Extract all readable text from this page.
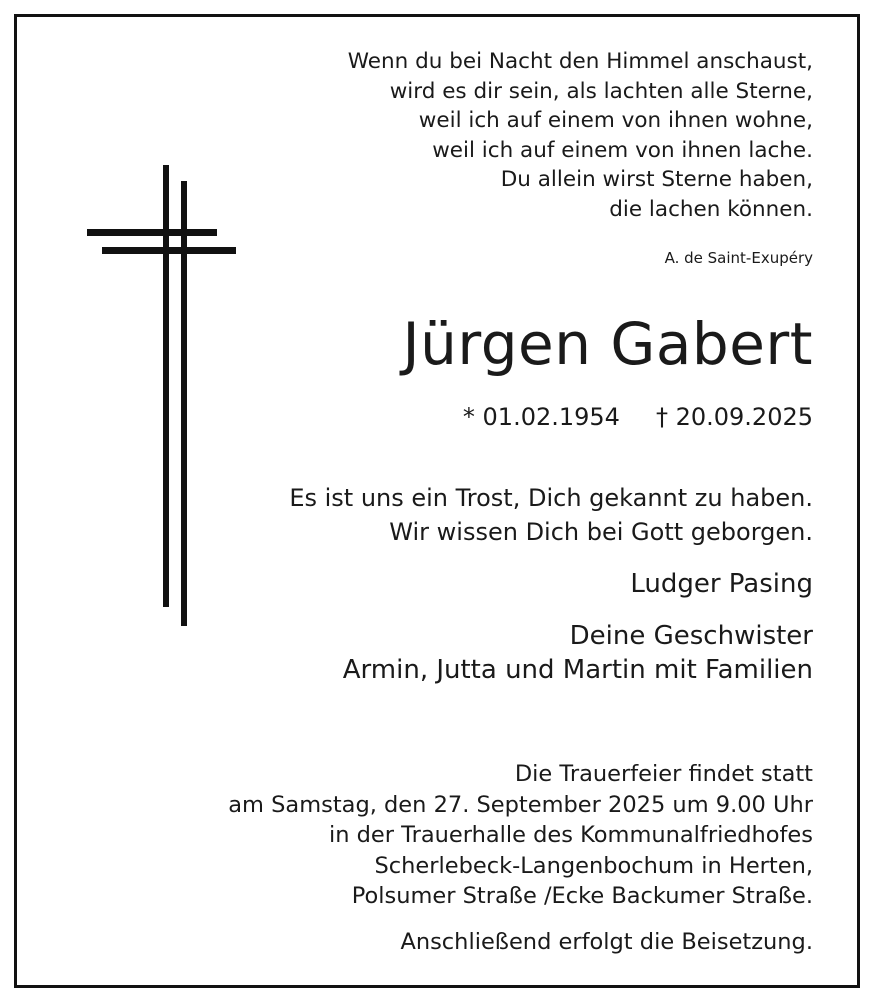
Wenn du bei Nacht den Himmel anschaust,
wird es dir sein, als lachten alle Sterne,
weil ich auf einem von ihnen wohne,
weil ich auf einem von ihnen lache.
Du allein wirst Sterne haben,
die lachen können.
A. de Saint-Exupéry
Jürgen Gabert
* 01.02.1954 † 20.09.2025
Es ist uns ein Trost, Dich gekannt zu haben.
Wir wissen Dich bei Gott geborgen.
Ludger Pasing
Deine Geschwister
Armin, Jutta und Martin mit Familien
Die Trauerfeier findet statt
am Samstag, den 27. September 2025 um 9.00 Uhr
in der Trauerhalle des Kommunalfriedhofes
Scherlebeck-Langenbochum in Herten,
Polsumer Straße /Ecke Backumer Straße.
Anschließend erfolgt die Beisetzung.
